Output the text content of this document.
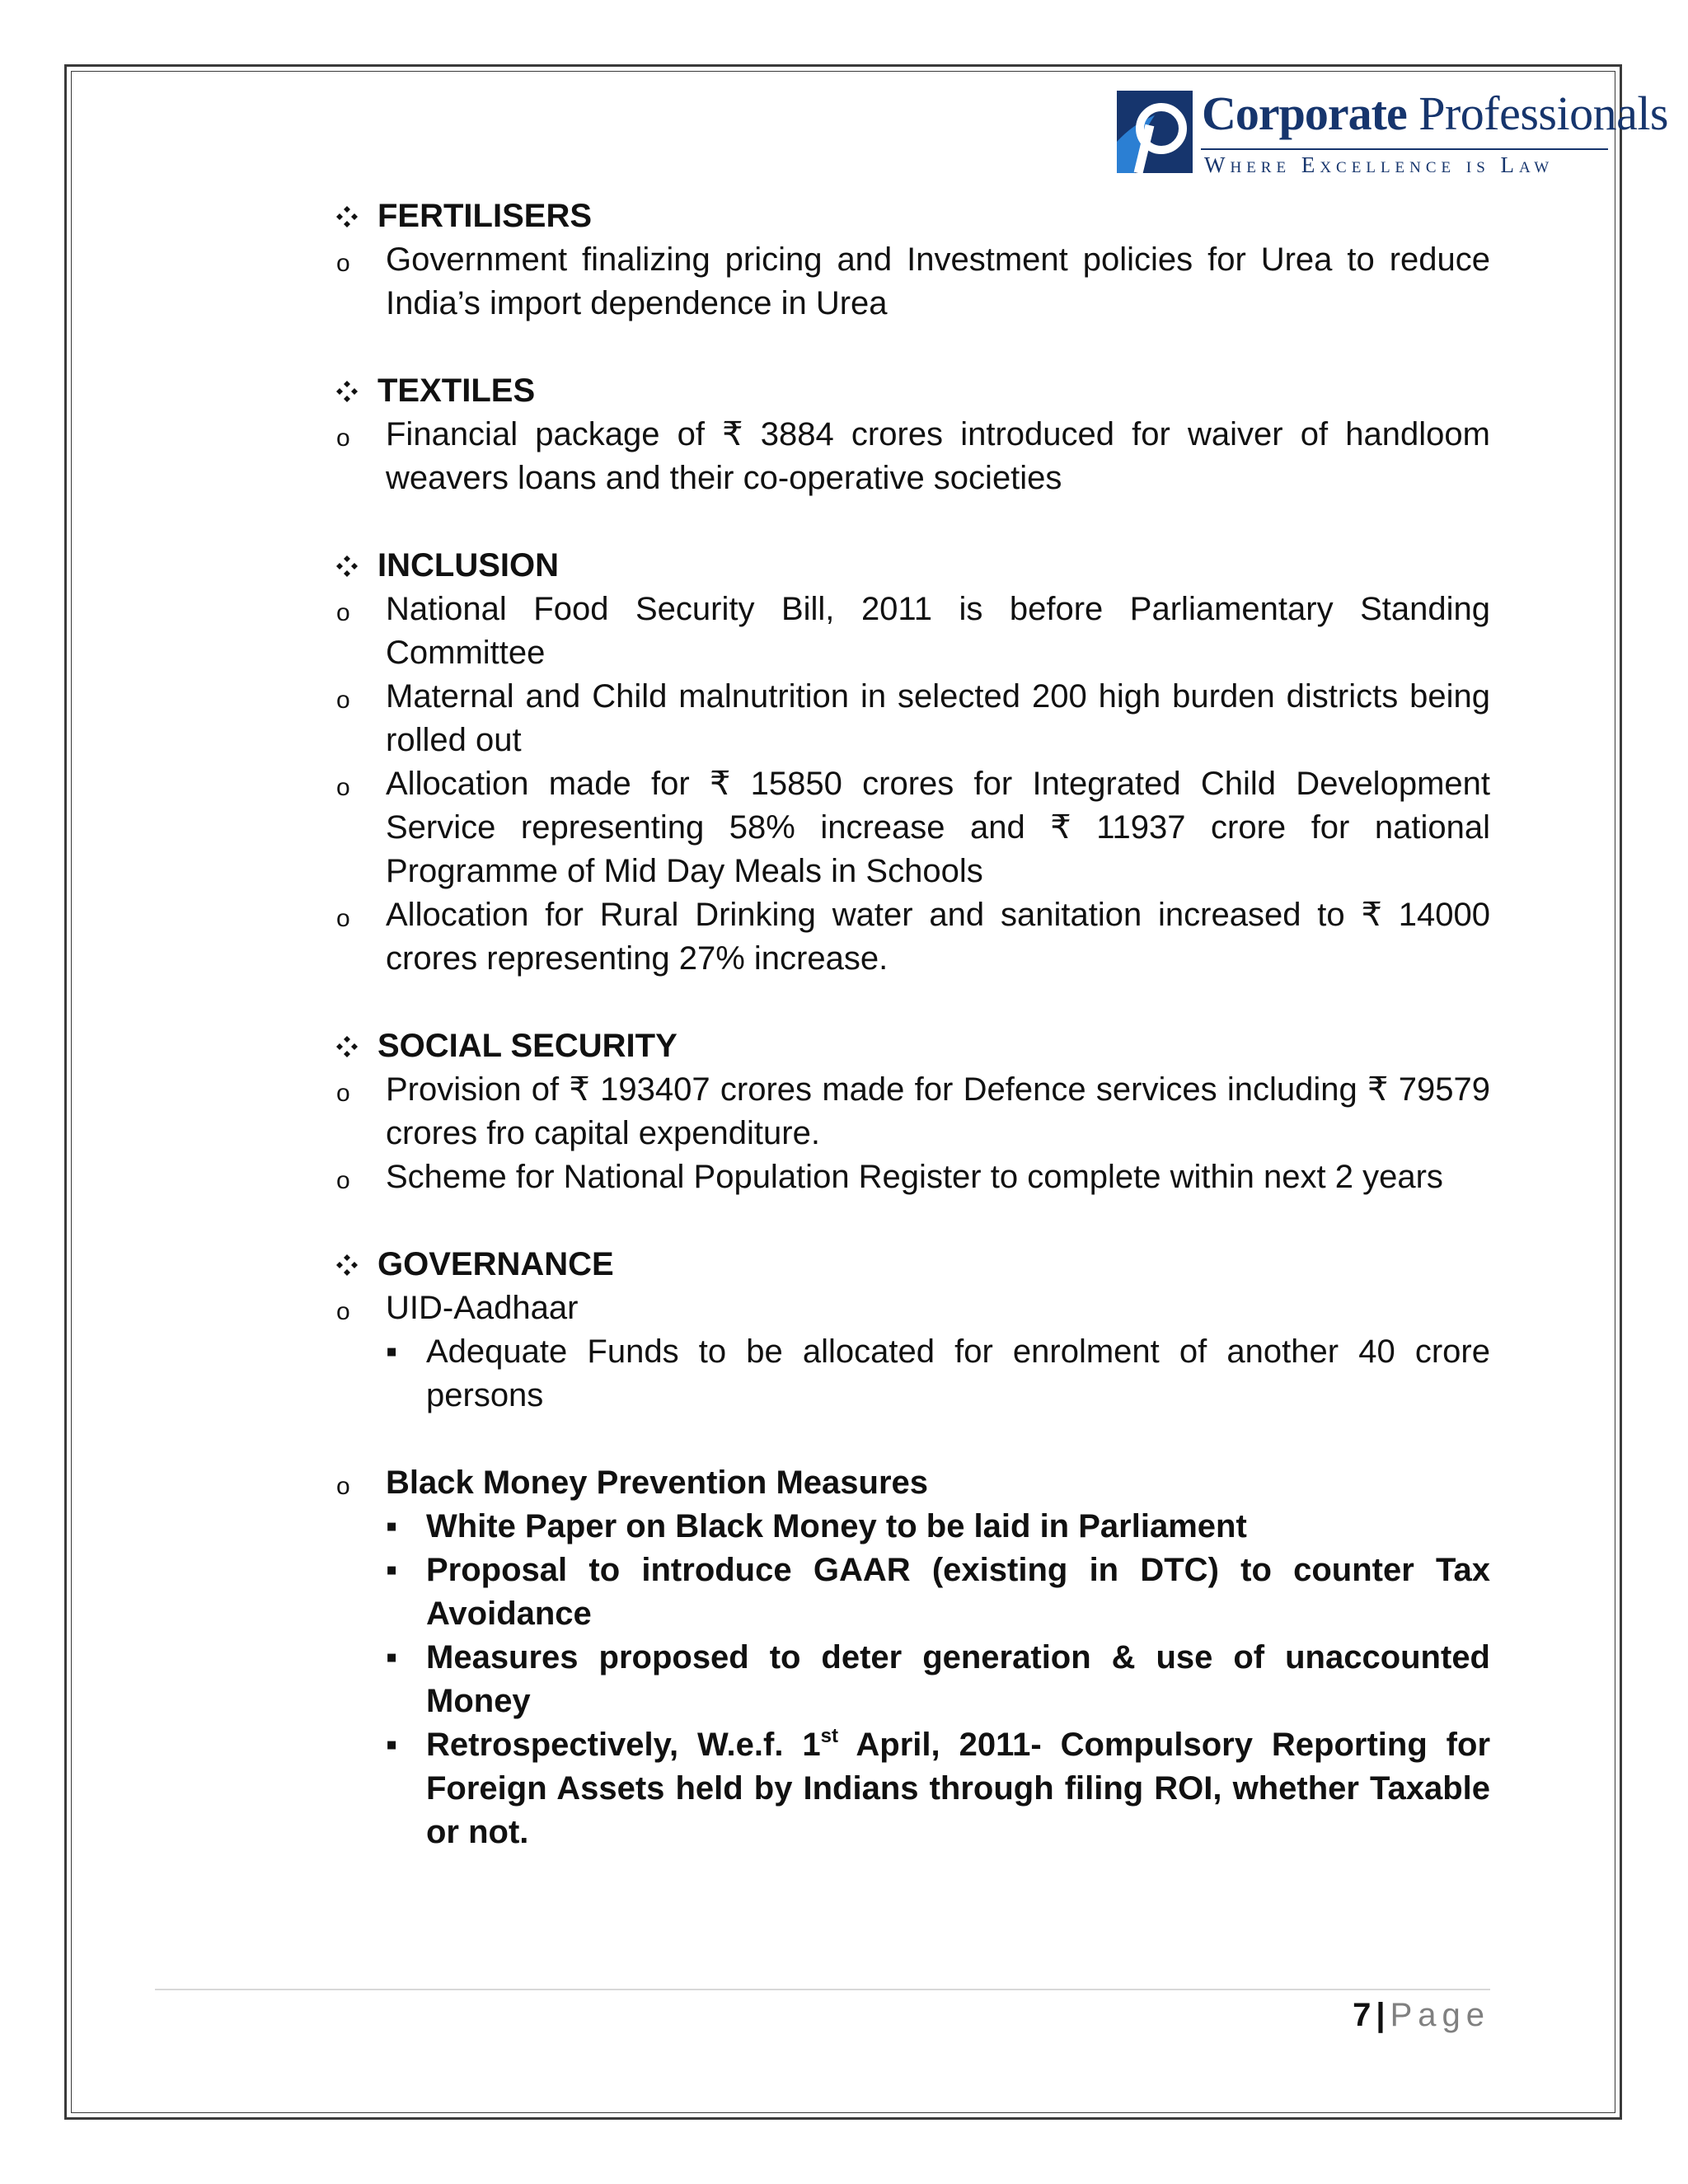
Corporate Professionals
Where Excellence is Law
FERTILISERS
o Government finalizing pricing and Investment policies for Urea to reduce India’s import dependence in Urea
TEXTILES
o Financial package of ₹ 3884 crores introduced for waiver of handloom weavers loans and their co-operative societies
INCLUSION
o National Food Security Bill, 2011 is before Parliamentary Standing Committee
o Maternal and Child malnutrition in selected 200 high burden districts being rolled out
o Allocation made for ₹ 15850 crores for Integrated Child Development Service representing 58% increase and ₹ 11937 crore for national Programme of Mid Day Meals in Schools
o Allocation for Rural Drinking water and sanitation increased to ₹ 14000 crores representing 27% increase.
SOCIAL SECURITY
o Provision of ₹ 193407 crores made for Defence services including ₹ 79579 crores fro capital expenditure.
o Scheme for National Population Register to complete within next 2 years
GOVERNANCE
o UID-Aadhaar
▪ Adequate Funds to be allocated for enrolment of another 40 crore persons
o Black Money Prevention Measures
▪ White Paper on Black Money to be laid in Parliament
▪ Proposal to introduce GAAR (existing in DTC) to counter Tax Avoidance
▪ Measures proposed to deter generation & use of unaccounted Money
▪ Retrospectively, W.e.f. 1st April, 2011- Compulsory Reporting for Foreign Assets held by Indians through filing ROI, whether Taxable or not.
7 | Page
